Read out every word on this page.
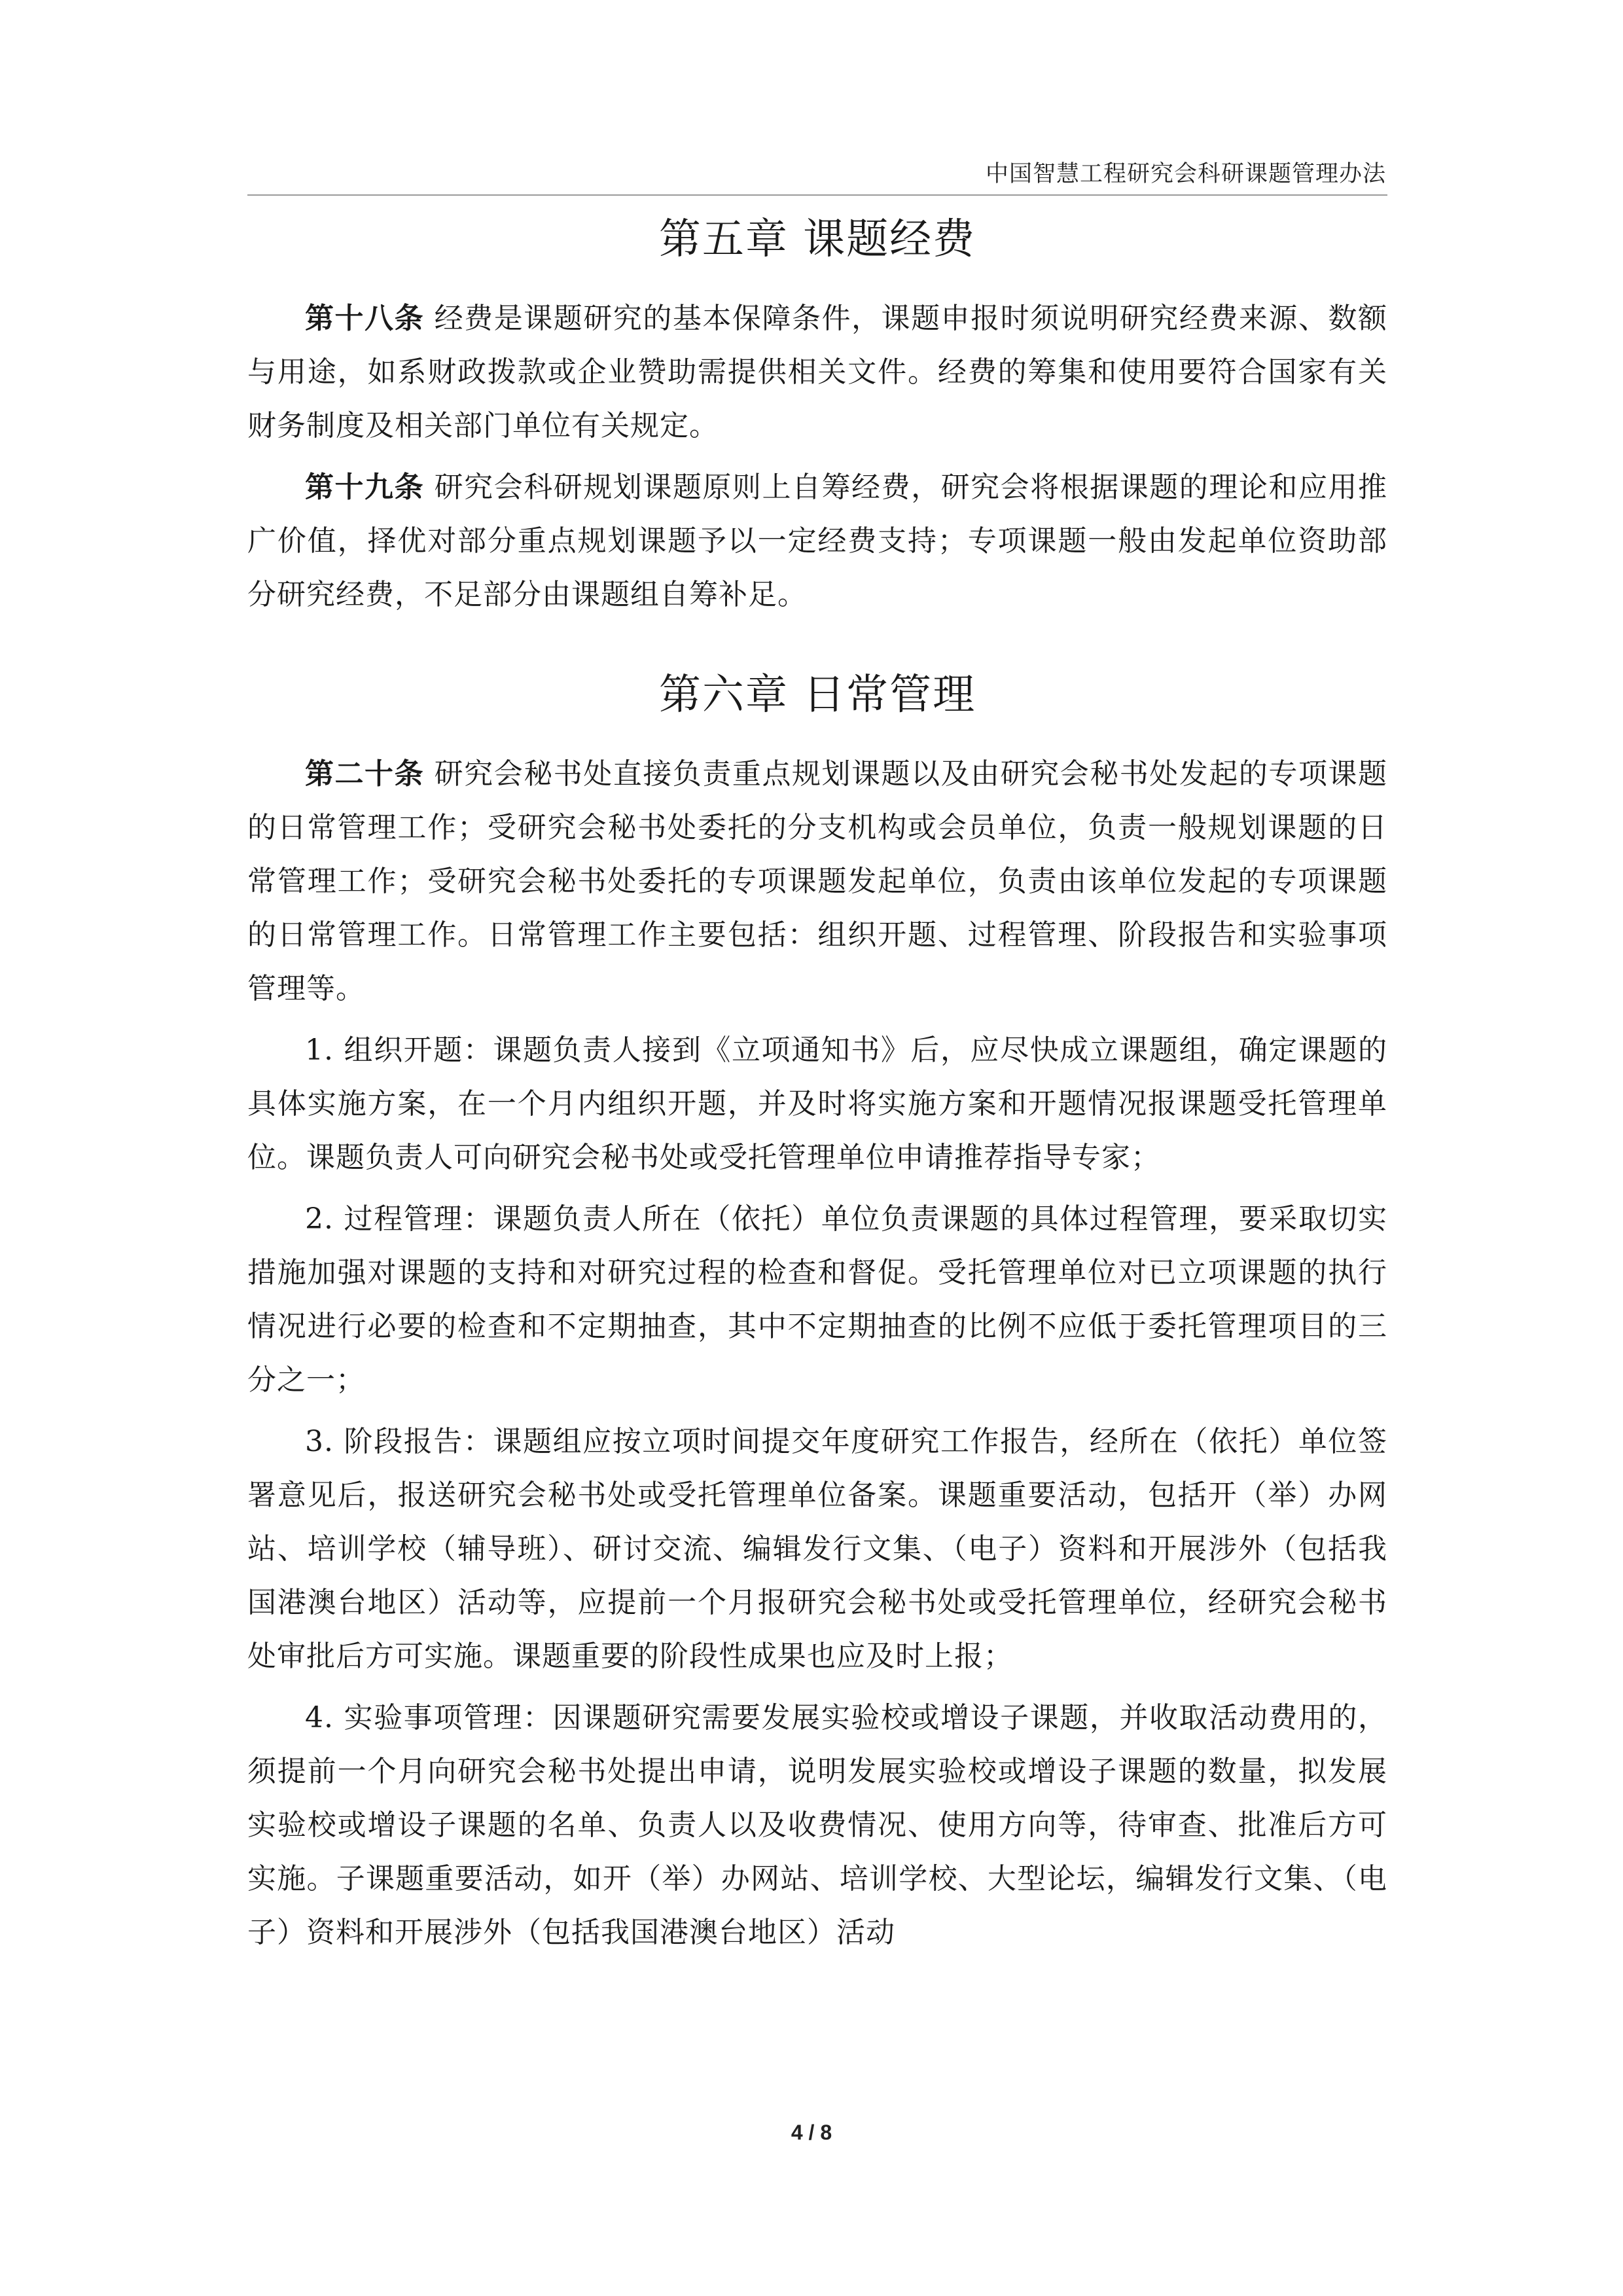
中国智慧工程研究会科研课题管理办法
第五章 课题经费

第十八条 经费是课题研究的基本保障条件，课题申报时须说明研究经费来源、数额与用途，如系财政拨款或企业赞助需提供相关文件。经费的筹集和使用要符合国家有关财务制度及相关部门单位有关规定。

第十九条 研究会科研规划课题原则上自筹经费，研究会将根据课题的理论和应用推广价值，择优对部分重点规划课题予以一定经费支持；专项课题一般由发起单位资助部分研究经费，不足部分由课题组自筹补足。

第六章 日常管理

第二十条 研究会秘书处直接负责重点规划课题以及由研究会秘书处发起的专项课题的日常管理工作；受研究会秘书处委托的分支机构或会员单位，负责一般规划课题的日常管理工作；受研究会秘书处委托的专项课题发起单位，负责由该单位发起的专项课题的日常管理工作。日常管理工作主要包括：组织开题、过程管理、阶段报告和实验事项管理等。

1. 组织开题：课题负责人接到《立项通知书》后，应尽快成立课题组，确定课题的具体实施方案，在一个月内组织开题，并及时将实施方案和开题情况报课题受托管理单位。课题负责人可向研究会秘书处或受托管理单位申请推荐指导专家；

2. 过程管理：课题负责人所在（依托）单位负责课题的具体过程管理，要采取切实措施加强对课题的支持和对研究过程的检查和督促。受托管理单位对已立项课题的执行情况进行必要的检查和不定期抽查，其中不定期抽查的比例不应低于委托管理项目的三分之一；

3. 阶段报告：课题组应按立项时间提交年度研究工作报告，经所在（依托）单位签署意见后，报送研究会秘书处或受托管理单位备案。课题重要活动，包括开（举）办网站、培训学校（辅导班）、研讨交流、编辑发行文集、（电子）资料和开展涉外（包括我国港澳台地区）活动等，应提前一个月报研究会秘书处或受托管理单位，经研究会秘书处审批后方可实施。课题重要的阶段性成果也应及时上报；

4. 实验事项管理：因课题研究需要发展实验校或增设子课题，并收取活动费用的，须提前一个月向研究会秘书处提出申请，说明发展实验校或增设子课题的数量，拟发展实验校或增设子课题的名单、负责人以及收费情况、使用方向等，待审查、批准后方可实施。子课题重要活动，如开（举）办网站、培训学校、大型论坛，编辑发行文集、（电子）资料和开展涉外（包括我国港澳台地区）活动

4 / 8
